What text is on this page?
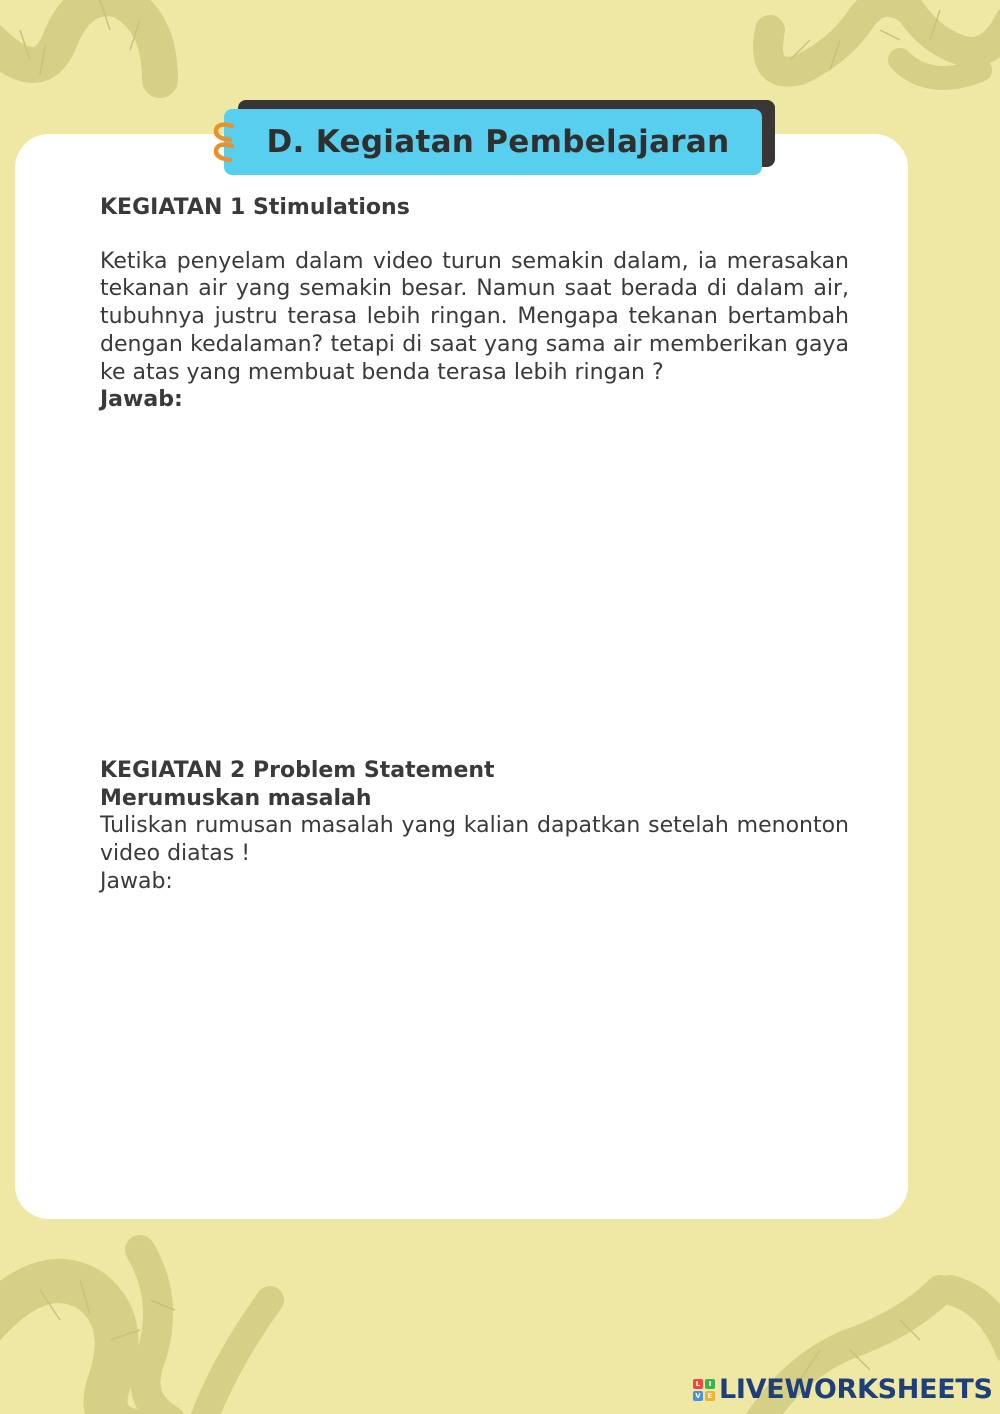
D. Kegiatan Pembelajaran
KEGIATAN 1 Stimulations
Ketika penyelam dalam video turun semakin dalam, ia merasakan tekanan air yang semakin besar. Namun saat berada di dalam air, tubuhnya justru terasa lebih ringan. Mengapa tekanan bertambah dengan kedalaman? tetapi di saat yang sama air memberikan gaya ke atas yang membuat benda terasa lebih ringan ?
Jawab:
KEGIATAN 2 Problem Statement
Merumuskan masalah
Tuliskan rumusan masalah yang kalian dapatkan setelah menonton video diatas !
Jawab:
L	I
V E LIVEWORKSHEETS
